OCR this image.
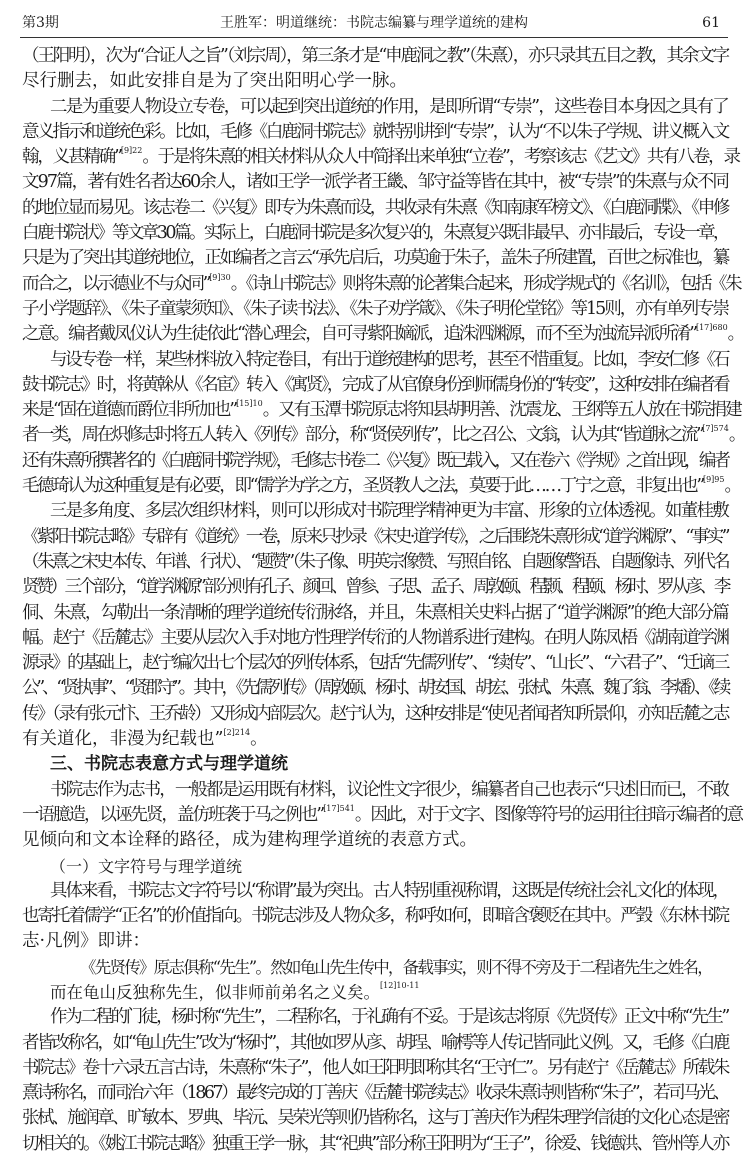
第3期	王胜军：明道继统：书院志编纂与理学道统的建构	61
（王阳明），次为“合证人之旨”（刘宗周），第三条才是“申鹿洞之教”（朱熹），亦只录其五目之教，其余文字
尽行删去，如此安排自是为了突出阳明心学一脉。
二是为重要人物设立专卷，可以起到突出道统的作用，是即所谓“专崇”，这些卷目本身因之具有了
意义指示和道统色彩。比如，毛修《白鹿洞书院志》就特别讲到“专崇”，认为“不以朱子学规、讲义概入文
翰，义甚精确”$^{[9]22}$。于是将朱熹的相关材料从众人中简择出来单独“立卷”，考察该志《艺文》共有八卷，录
文97篇，著有姓名者达60余人，诸如王学一派学者王畿、邹守益等皆在其中，被“专崇”的朱熹与众不同
的地位显而易见。该志卷二《兴复》即专为朱熹而设，共收录有朱熹《知南康军榜文》、《白鹿洞牒》、《申修
白鹿书院状》等文章30篇。实际上，白鹿洞书院是多次复兴的，朱熹复兴既非最早、亦非最后，专设一章，
只是为了突出其道统地位，正如编者之言云“承先启后，功莫逾于朱子，盖朱子所建置，百世之标准也，纂
而合之，以示德业不与众同”$^{[9]30}$。《诗山书院志》则将朱熹的论著集合起来，形成学规式的《名训》，包括《朱
子小学题辞》、《朱子童蒙须知》、《朱子读书法》、《朱子劝学箴》、《朱子明伦堂铭》等15则，亦有单列专崇
之意。编者戴凤仪认为生徒依此“潜心理会，自可寻紫阳嫡派，追洙泗渊源，而不至为浊流异派所淆”$^{[17]680}$。
与设专卷一样，某些材料放入特定卷目，有出于道统建构的思考，甚至不惜重复。比如，李安仁修《石
鼓书院志》时，将黄榦从《名宦》转入《寓贤》，完成了从官僚身份到师儒身份的“转变”，这种安排在编者看
来是“固在道德而爵位非所加也”$^{[15]10}$。又有玉潭书院原志将知县胡明善、沈震龙、王纲等五人放在书院捐建
者一类，周在炽修志时将五人转入《列传》部分，称“贤侯列传”，比之召公、文翁，认为其“皆道脉之流”$^{[7]574}$。
还有朱熹所撰著名的《白鹿洞书院学规》，毛修志书卷二《兴复》既已载入，又在卷六《学规》之首出现，编者
毛德琦认为这种重复是有必要，即“儒学为学之方，圣贤教人之法，莫要于此……丁宁之意，非复出也”$^{[9]95}$。
三是多角度、多层次组织材料，则可以形成对书院理学精神更为丰富、形象的立体透视。如董桂敷
《紫阳书院志略》专辟有《道统》一卷，原来只抄录《宋史·道学传》，之后围绕朱熹形成“道学渊源”、“事实”
（朱熹之宋史本传、年谱、行状）、“题赞”（朱子像、明英宗像赞、写照自铭、自题像警语、自题像诗、列代名
贤赞）三个部分，“道学渊源”部分则有孔子、颜回、曾参、子思、孟子、周敦颐、程颢、程颐、杨时、罗从彦、李
侗、朱熹，勾勒出一条清晰的理学道统传衍脉络，并且，朱熹相关史料占据了“道学渊源”的绝大部分篇
幅。赵宁《岳麓志》主要从层次入手对地方性理学传衍的人物谱系进行建构。在明人陈凤梧《湖南道学渊
源录》的基础上，赵宁编次出七个层次的列传体系，包括“先儒列传”、“续传”、“山长”、“六君子”、“迁谪三
公”、“贤执事”、“贤郡守”。其中，《先儒列传》（周敦颐、杨时、胡安国、胡宏、张栻、朱熹、魏了翁、李燔）、《续
传》（录有张元忭、王乔龄）又形成内部层次。赵宁认为，这种安排是“使见者闻者知所景仰，亦知岳麓之志
有关道化，非漫为纪载也”$^{[2]214}$。
三、书院志表意方式与理学道统
书院志作为志书，一般都是运用既有材料，议论性文字很少，编纂者自己也表示“只述旧而已，不敢
一语臆造，以诬先贤，盖仿班袭于马之例也”$^{[17]541}$。因此，对于文字、图像等符号的运用往往暗示编者的意
见倾向和文本诠释的路径，成为建构理学道统的表意方式。
（一）文字符号与理学道统
具体来看，书院志文字符号以“称谓”最为突出。古人特别重视称谓，这既是传统社会礼文化的体现，
也寄托着儒学“正名”的价值指向。书院志涉及人物众多，称呼如何，即暗含褒贬在其中。严瑴《东林书院
志·凡例》即讲：
《先贤传》原志俱称“先生”。然如龟山先生传中，备载事实，则不得不旁及于二程诸先生之姓名，
而在龟山反独称先生，似非师前弟名之义矣。$^{[12]10-11}$
作为二程的门徒，杨时称“先生”，二程称名，于礼确有不妥。于是该志将原《先贤传》正文中称“先生”
者皆改称名，如“龟山先生”改为“杨时”，其他如罗从彦、胡珵、喻樗等人传记皆同此义例。又，毛修《白鹿
书院志》卷十六录五言古诗，朱熹称“朱子”，他人如王阳明即称其名“王守仁”。另有赵宁《岳麓志》所载朱
熹诗称名，而同治六年（1867）最终完成的丁善庆《岳麓书院续志》收录朱熹诗则皆称“朱子”，若司马光、
张栻、施润章、旷敏本、罗典、毕沅、吴荣光等则仍皆称名，这与丁善庆作为程朱理学信徒的文化心态是密
切相关的。《姚江书院志略》独重王学一脉，其“祀典”部分称王阳明为“王子”，徐爱、钱德洪、管州等人亦
